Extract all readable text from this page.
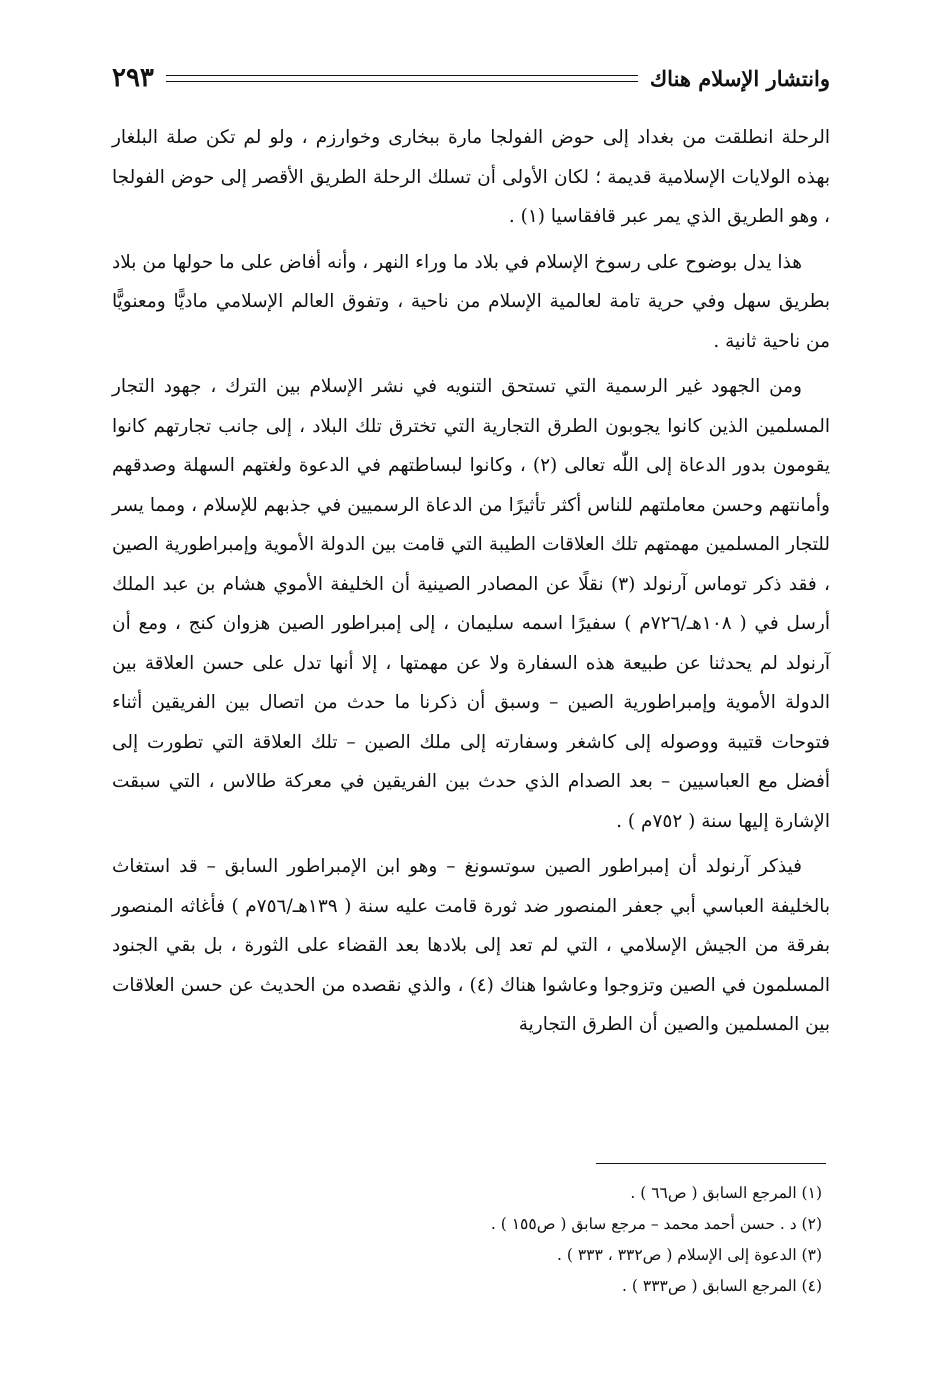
وانتشار الإسلام هناك
٢٩٣

الرحلة انطلقت من بغداد إلى حوض الفولجا مارة ببخارى وخوارزم ، ولو لم تكن صلة البلغار بهذه الولايات الإسلامية قديمة ؛ لكان الأولى أن تسلك الرحلة الطريق الأقصر إلى حوض الفولجا ، وهو الطريق الذي يمر عبر قافقاسيا (١) .

هذا يدل بوضوح على رسوخ الإسلام في بلاد ما وراء النهر ، وأنه أفاض على ما حولها من بلاد بطريق سهل وفي حرية تامة لعالمية الإسلام من ناحية ، وتفوق العالم الإسلامي ماديًّا ومعنويًّا من ناحية ثانية .

ومن الجهود غير الرسمية التي تستحق التنويه في نشر الإسلام بين الترك ، جهود التجار المسلمين الذين كانوا يجوبون الطرق التجارية التي تخترق تلك البلاد ، إلى جانب تجارتهم كانوا يقومون بدور الدعاة إلى اللّٰه تعالى (٢) ، وكانوا لبساطتهم في الدعوة ولغتهم السهلة وصدقهم وأمانتهم وحسن معاملتهم للناس أكثر تأثيرًا من الدعاة الرسميين في جذبهم للإسلام ، ومما يسر للتجار المسلمين مهمتهم تلك العلاقات الطيبة التي قامت بين الدولة الأموية وإمبراطورية الصين ، فقد ذكر توماس آرنولد (٣) نقلًا عن المصادر الصينية أن الخليفة الأموي هشام بن عبد الملك أرسل في ( ١٠٨هـ/٧٢٦م ) سفيرًا اسمه سليمان ، إلى إمبراطور الصين هزوان كنج ، ومع أن آرنولد لم يحدثنا عن طبيعة هذه السفارة ولا عن مهمتها ، إلا أنها تدل على حسن العلاقة بين الدولة الأموية وإمبراطورية الصين – وسبق أن ذكرنا ما حدث من اتصال بين الفريقين أثناء فتوحات قتيبة ووصوله إلى كاشغر وسفارته إلى ملك الصين – تلك العلاقة التي تطورت إلى أفضل مع العباسيين – بعد الصدام الذي حدث بين الفريقين في معركة طالاس ، التي سبقت الإشارة إليها سنة ( ٧٥٢م ) .

فيذكر آرنولد أن إمبراطور الصين سوتسونغ – وهو ابن الإمبراطور السابق – قد استغاث بالخليفة العباسي أبي جعفر المنصور ضد ثورة قامت عليه سنة ( ١٣٩هـ/٧٥٦م ) فأغاثه المنصور بفرقة من الجيش الإسلامي ، التي لم تعد إلى بلادها بعد القضاء على الثورة ، بل بقي الجنود المسلمون في الصين وتزوجوا وعاشوا هناك (٤) ، والذي نقصده من الحديث عن حسن العلاقات بين المسلمين والصين أن الطرق التجارية

(١) المرجع السابق ( ص٦٦ ) .
(٢) د . حسن أحمد محمد – مرجع سابق ( ص١٥٥ ) .
(٣) الدعوة إلى الإسلام ( ص٣٣٢ ، ٣٣٣ ) .
(٤) المرجع السابق ( ص٣٣٣ ) .
